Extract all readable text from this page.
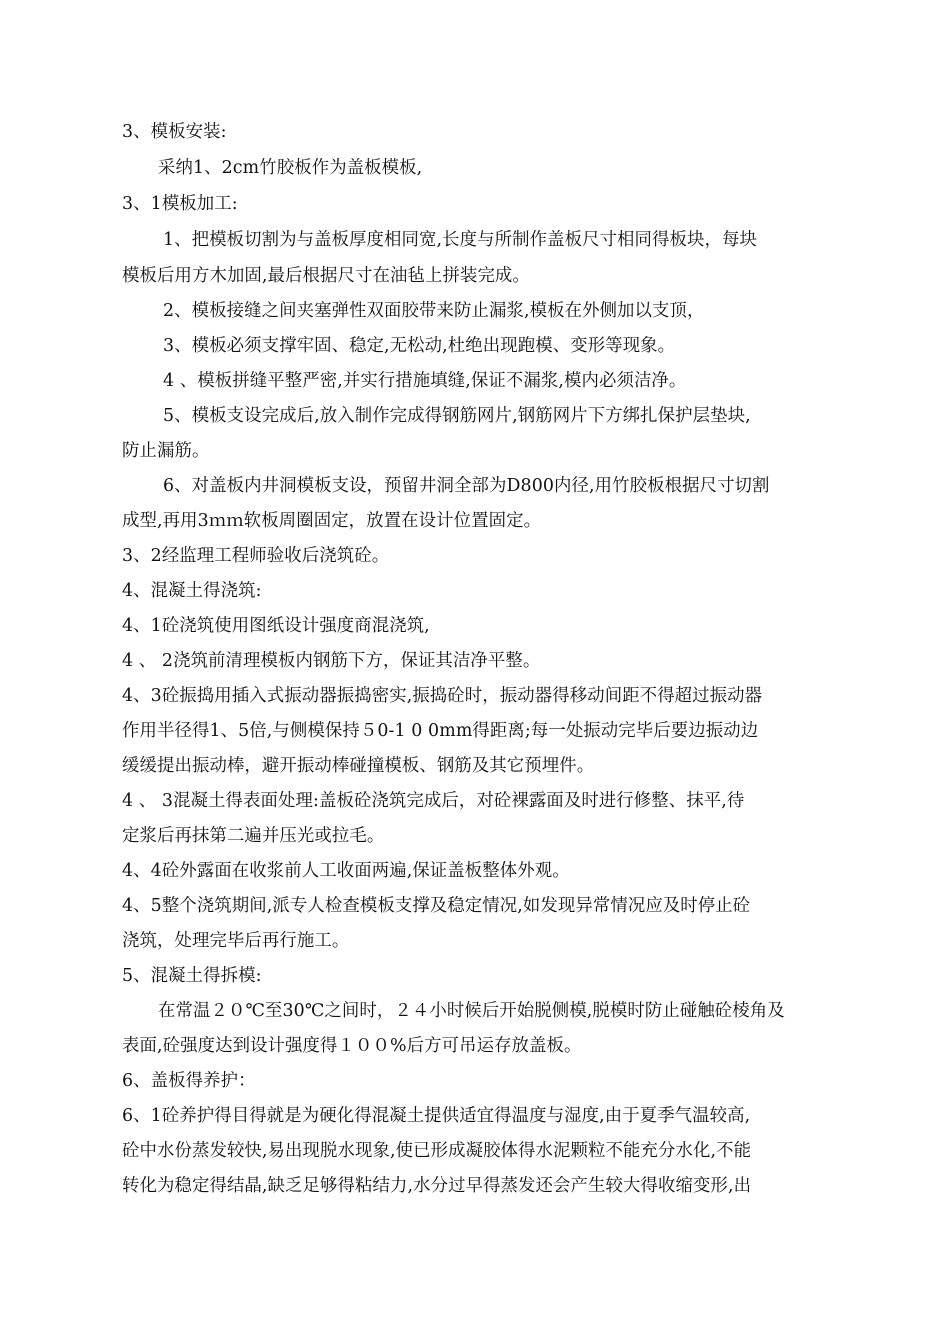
3、模板安装:
采纳1、2cm竹胶板作为盖板模板,
3、1模板加工:
1、把模板切割为与盖板厚度相同宽,长度与所制作盖板尺寸相同得板块，每块
模板后用方木加固,最后根据尺寸在油毡上拼装完成。
2、模板接缝之间夹塞弹性双面胶带来防止漏浆,模板在外侧加以支顶，
3、模板必须支撑牢固、稳定,无松动,杜绝出现跑模、变形等现象。
4 、模板拼缝平整严密,并实行措施填缝,保证不漏浆,模内必须洁净。
5、模板支设完成后,放入制作完成得钢筋网片,钢筋网片下方绑扎保护层垫块,
防止漏筋。
6、对盖板内井洞模板支设，预留井洞全部为D800内径,用竹胶板根据尺寸切割
成型,再用3ｍｍ软板周圈固定，放置在设计位置固定。
3、2经监理工程师验收后浇筑砼。
4、混凝土得浇筑:
4、1砼浇筑使用图纸设计强度商混浇筑,
4 、 2浇筑前清理模板内钢筋下方，保证其洁净平整。
4、3砼振捣用插入式振动器振捣密实,振捣砼时，振动器得移动间距不得超过振动器
作用半径得1、5倍,与侧模保持５0-1 0 0mm得距离;每一处振动完毕后要边振动边
缓缓提出振动棒，避开振动棒碰撞模板、钢筋及其它预埋件。
4 、 3混凝土得表面处理:盖板砼浇筑完成后，对砼裸露面及时进行修整、抹平,待
定浆后再抹第二遍并压光或拉毛。
4、4砼外露面在收浆前人工收面两遍,保证盖板整体外观。
4、5整个浇筑期间,派专人检查模板支撑及稳定情况,如发现异常情况应及时停止砼
浇筑，处理完毕后再行施工。
5、混凝土得拆模:
在常温２０℃至30℃之间时，２４小时候后开始脱侧模,脱模时防止碰触砼棱角及
表面,砼强度达到设计强度得１００%后方可吊运存放盖板。
6、盖板得养护：
6、1砼养护得目得就是为硬化得混凝土提供适宜得温度与湿度,由于夏季气温较高,
砼中水份蒸发较快,易出现脱水现象,使已形成凝胶体得水泥颗粒不能充分水化,不能
转化为稳定得结晶,缺乏足够得粘结力,水分过早得蒸发还会产生较大得收缩变形,出
